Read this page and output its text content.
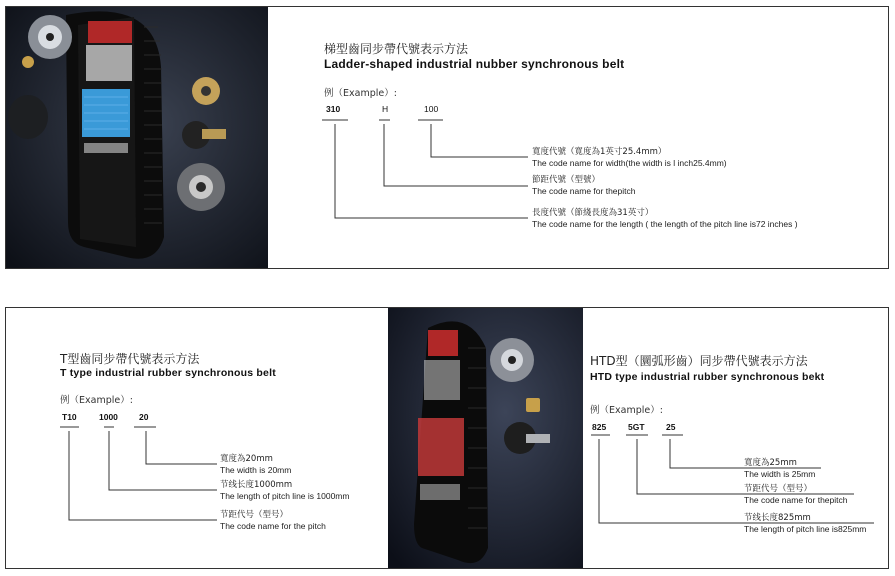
梯型齒同步帶代號表示方法
Ladder-shaped industrial nubber synchronous belt
例（Example）:
310	H	100
寬度代號（寬度為1英寸25.4mm）
The code name for width(the width is l inch25.4mm)
節距代號（型號）
The code name for thepitch
長度代號（節綫長度為31英寸）
The code name for the length ( the length of the pitch line is72 inches )
T型齒同步帶代號表示方法
T type industrial rubber synchronous belt
例（Example）:
T10	1000 20
寬度為20mm
The width is 20mm
节线长度1000mm
The length of pitch line is 1000mm
节距代号（型号）
The code name for the pitch
HTD型（圜弧形齒）同步帶代號表示方法
HTD type industrial rubber synchronous bekt
例（Example）:
825	5GT	25
寬度為25mm
The width is 25mm
节距代号（型号）
The code name for thepitch
节线长度825mm
The length of pitch line is825mm
